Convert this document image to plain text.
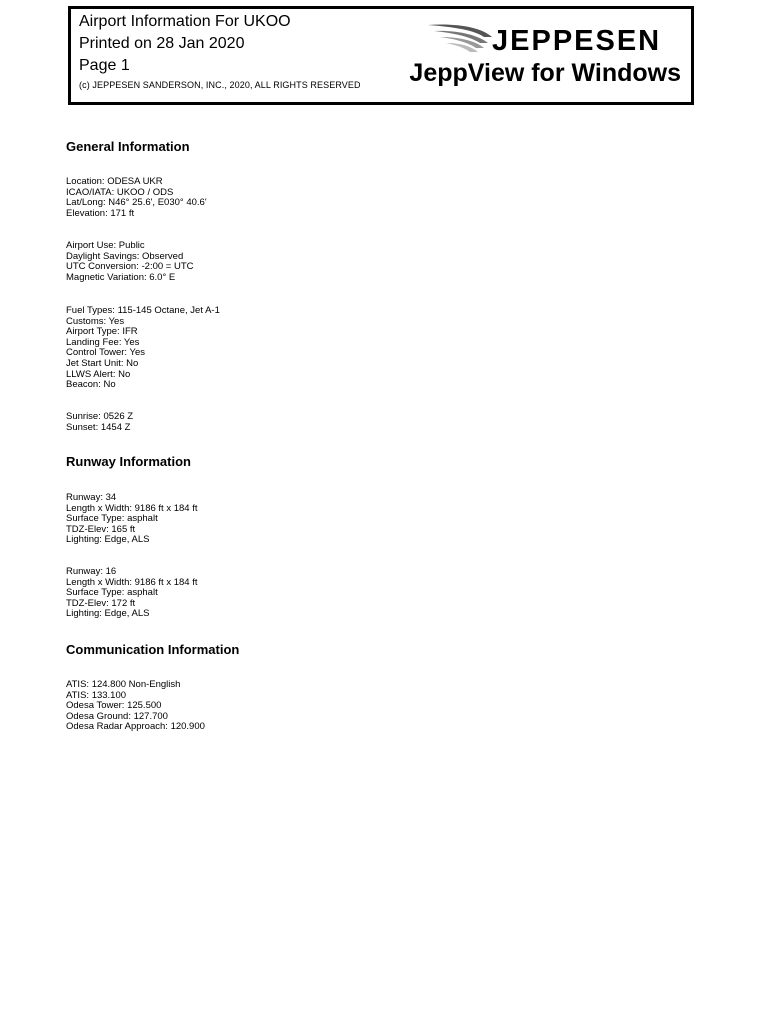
Airport Information For UKOO
Printed on 28 Jan 2020
Page 1
(c) JEPPESEN SANDERSON, INC., 2020, ALL RIGHTS RESERVED
JEPPESEN
JeppView for Windows
General Information
Location: ODESA UKR
ICAO/IATA: UKOO / ODS
Lat/Long: N46° 25.6', E030° 40.6'
Elevation: 171 ft
Airport Use: Public
Daylight Savings: Observed
UTC Conversion: -2:00 = UTC
Magnetic Variation: 6.0° E
Fuel Types: 115-145 Octane, Jet A-1
Customs: Yes
Airport Type: IFR
Landing Fee: Yes
Control Tower: Yes
Jet Start Unit: No
LLWS Alert: No
Beacon: No
Sunrise: 0526 Z
Sunset: 1454 Z
Runway Information
Runway: 34
Length x Width: 9186 ft x 184 ft
Surface Type: asphalt
TDZ-Elev: 165 ft
Lighting: Edge, ALS
Runway: 16
Length x Width: 9186 ft x 184 ft
Surface Type: asphalt
TDZ-Elev: 172 ft
Lighting: Edge, ALS
Communication Information
ATIS: 124.800 Non-English
ATIS: 133.100
Odesa Tower: 125.500
Odesa Ground: 127.700
Odesa Radar Approach: 120.900
